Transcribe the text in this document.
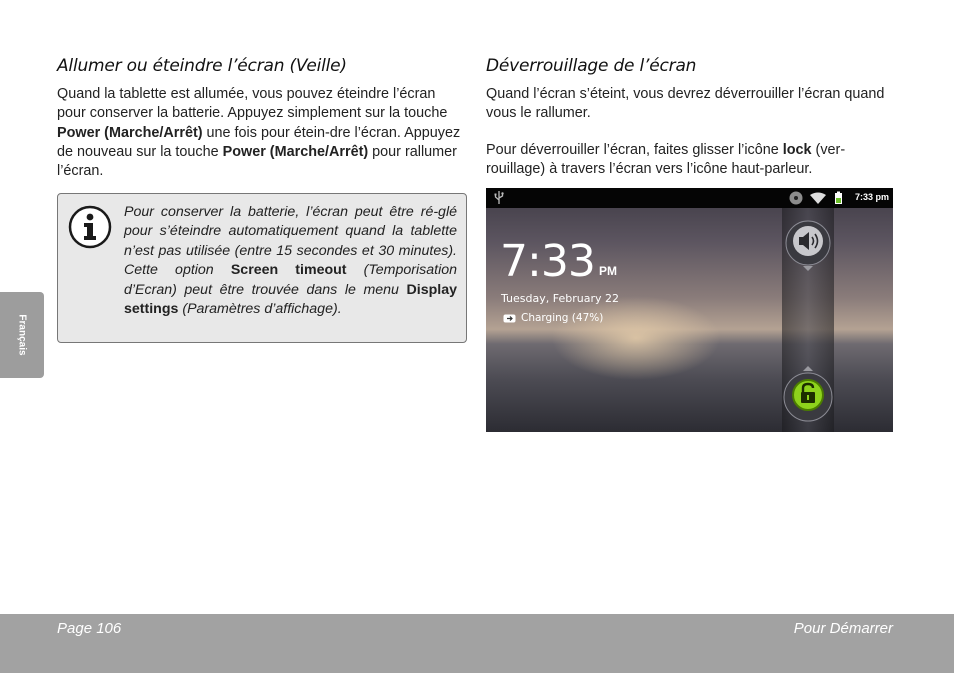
Français
Allumer ou éteindre l’écran (Veille)

Quand la tablette est allumée, vous pouvez éteindre l’écran pour conserver la batterie. Appuyez simplement sur la touche Power (Marche/Arrêt) une fois pour étein-dre l’écran. Appuyez de nouveau sur la touche Power (Marche/Arrêt) pour rallumer l’écran.

Pour conserver la batterie, l’écran peut être ré-glé pour s’éteindre automatiquement quand la tablette n’est pas utilisée (entre 15 secondes et 30 minutes). Cette option Screen timeout (Temporisation d’Ecran) peut être trouvée dans le menu Display settings (Paramètres d’affichage).

Déverrouillage de l’écran

Quand l’écran s’éteint, vous devrez déverrouiller l’écran quand vous le rallumer.

Pour déverrouiller l’écran, faites glisser l’icône lock (ver-rouillage) à travers l’écran vers l’icône haut-parleur.

7:33 pm
7:33 PM
Tuesday, February 22
Charging (47%)
Page 106	Pour Démarrer
